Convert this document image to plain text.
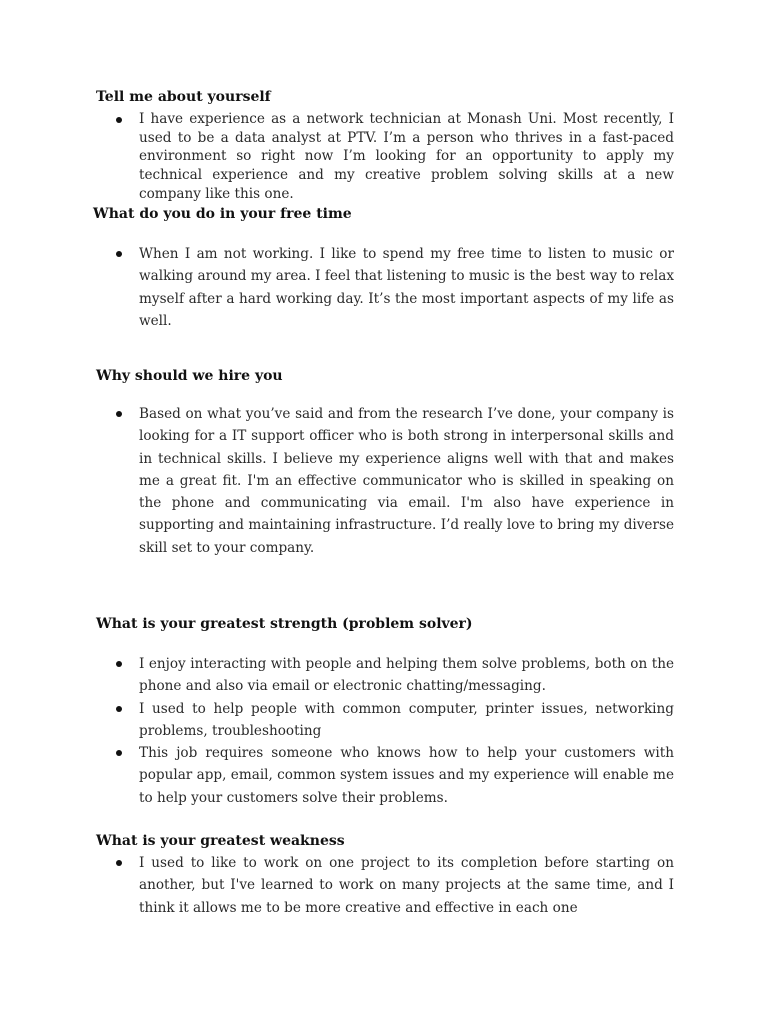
Tell me about yourself
I have experience as a network technician at Monash Uni. Most recently, I used to be a data analyst at PTV. I’m a person who thrives in a fast-paced environment so right now I’m looking for an opportunity to apply my technical experience and my creative problem solving skills at a new company like this one.
What do you do in your free time
When I am not working. I like to spend my free time to listen to music or walking around my area. I feel that listening to music is the best way to relax myself after a hard working day. It’s the most important aspects of my life as well.
Why should we hire you
Based on what you’ve said and from the research I’ve done, your company is looking for a IT support officer who is both strong in interpersonal skills and in technical skills. I believe my experience aligns well with that and makes me a great fit. I'm an effective communicator who is skilled in speaking on the phone and communicating via email. I'm also have experience in supporting and maintaining infrastructure. I’d really love to bring my diverse skill set to your company.
What is your greatest strength (problem solver)
I enjoy interacting with people and helping them solve problems, both on the phone and also via email or electronic chatting/messaging.
I used to help people with common computer, printer issues, networking problems, troubleshooting
This job requires someone who knows how to help your customers with popular app, email, common system issues and my experience will enable me to help your customers solve their problems.
What is your greatest weakness
I used to like to work on one project to its completion before starting on another, but I've learned to work on many projects at the same time, and I think it allows me to be more creative and effective in each one
